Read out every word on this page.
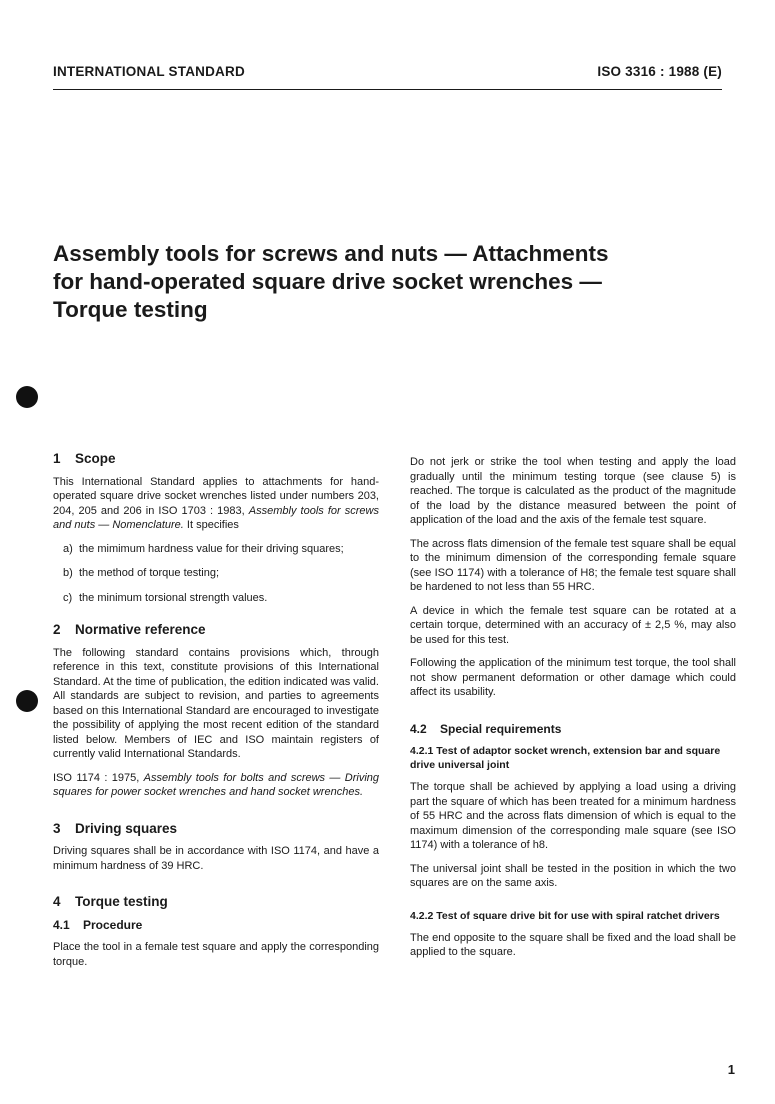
INTERNATIONAL STANDARD	ISO 3316 : 1988 (E)
Assembly tools for screws and nuts — Attachments
for hand-operated square drive socket wrenches —
Torque testing
1 Scope

This International Standard applies to attachments for hand-operated square drive socket wrenches listed under numbers 203, 204, 205 and 206 in ISO 1703 : 1983, Assembly tools for screws and nuts — Nomenclature. It specifies

a) the mimimum hardness value for their driving squares;
b) the method of torque testing;
c) the minimum torsional strength values.
2 Normative reference

The following standard contains provisions which, through reference in this text, constitute provisions of this International Standard. At the time of publication, the edition indicated was valid. All standards are subject to revision, and parties to agreements based on this International Standard are encouraged to investigate the possibility of applying the most recent edition of the standard listed below. Members of IEC and ISO maintain registers of currently valid International Standards.

ISO 1174 : 1975, Assembly tools for bolts and screws — Driving squares for power socket wrenches and hand socket wrenches.

3 Driving squares

Driving squares shall be in accordance with ISO 1174, and have a minimum hardness of 39 HRC.

4 Torque testing
4.1 Procedure

Place the tool in a female test square and apply the corresponding torque.

Do not jerk or strike the tool when testing and apply the load gradually until the minimum testing torque (see clause 5) is reached. The torque is calculated as the product of the magnitude of the load by the distance measured between the point of application of the load and the axis of the female test square.

The across flats dimension of the female test square shall be equal to the minimum dimension of the corresponding female square (see ISO 1174) with a tolerance of H8; the female test square shall be hardened to not less than 55 HRC.

A device in which the female test square can be rotated at a certain torque, determined with an accuracy of ± 2,5 %, may also be used for this test.

Following the application of the minimum test torque, the tool shall not show permanent deformation or other damage which could affect its usability.

4.2 Special requirements
4.2.1 Test of adaptor socket wrench, extension bar and square drive universal joint

The torque shall be achieved by applying a load using a driving part the square of which has been treated for a minimum hardness of 55 HRC and the across flats dimension of which is equal to the maximum dimension of the corresponding male square (see ISO 1174) with a tolerance of h8.

The universal joint shall be tested in the position in which the two squares are on the same axis.

4.2.2 Test of square drive bit for use with spiral ratchet drivers

The end opposite to the square shall be fixed and the load shall be applied to the square.

1
